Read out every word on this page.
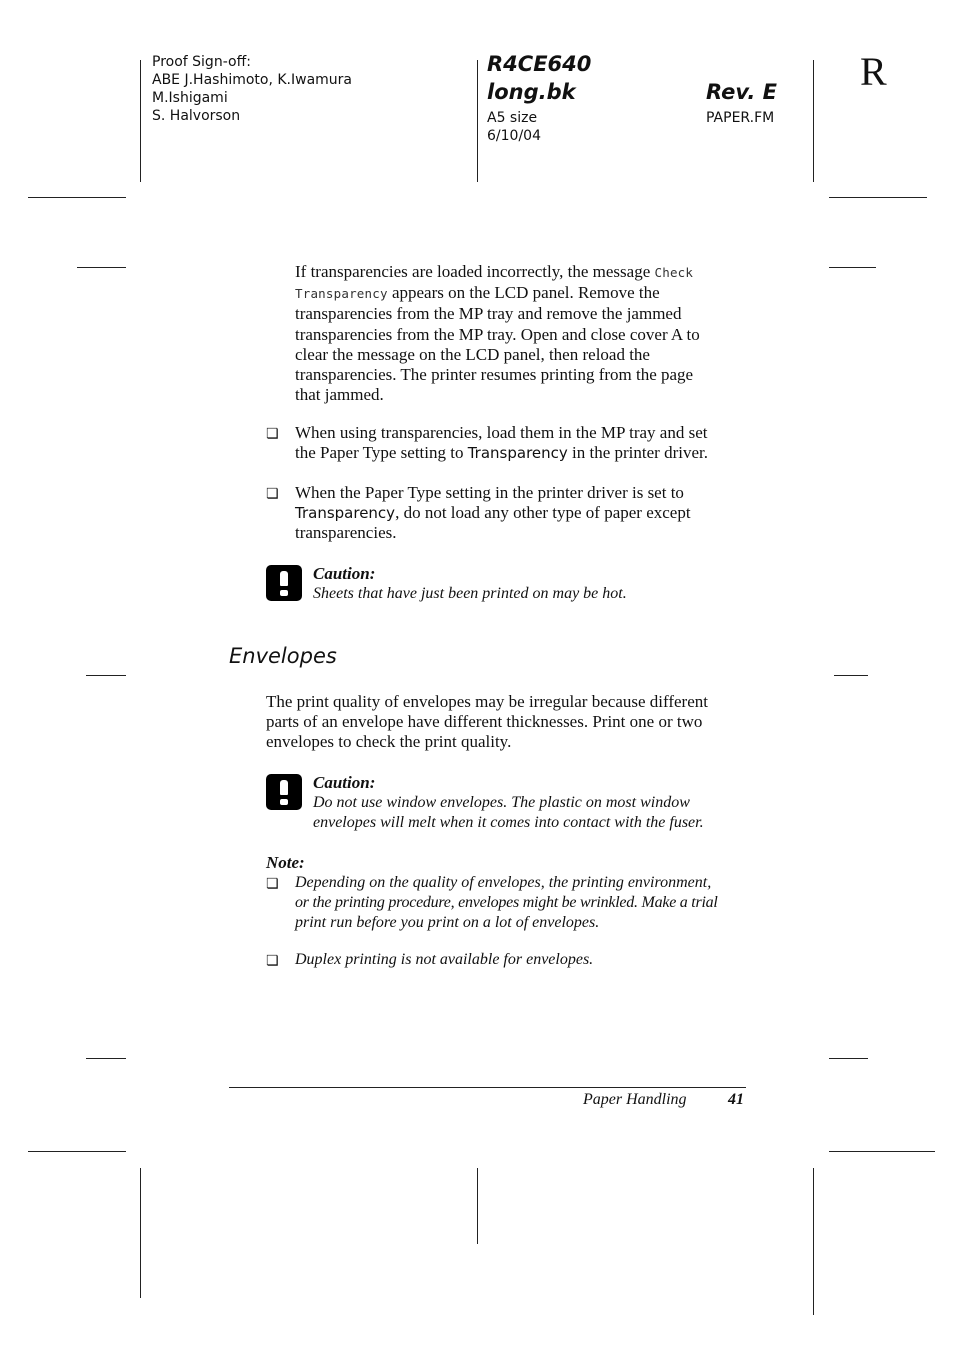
Proof Sign-off:
ABE J.Hashimoto, K.Iwamura
M.Ishigami
S. Halvorson
R4CE640
long.bk
A5 size
6/10/04
Rev. E
PAPER.FM
R
If transparencies are loaded incorrectly, the message Check
Transparency appears on the LCD panel. Remove the
transparencies from the MP tray and remove the jammed
transparencies from the MP tray. Open and close cover A to
clear the message on the LCD panel, then reload the
transparencies. The printer resumes printing from the page
that jammed.
❏ When using transparencies, load them in the MP tray and set
the Paper Type setting to Transparency in the printer driver.
❏ When the Paper Type setting in the printer driver is set to
Transparency, do not load any other type of paper except
transparencies.
Caution:
Sheets that have just been printed on may be hot.
Envelopes
The print quality of envelopes may be irregular because different
parts of an envelope have different thicknesses. Print one or two
envelopes to check the print quality.
Caution:
Do not use window envelopes. The plastic on most window
envelopes will melt when it comes into contact with the fuser.
Note:
❏ Depending on the quality of envelopes, the printing environment,
or the printing procedure, envelopes might be wrinkled. Make a trial
print run before you print on a lot of envelopes.
❏ Duplex printing is not available for envelopes.
Paper Handling	41
